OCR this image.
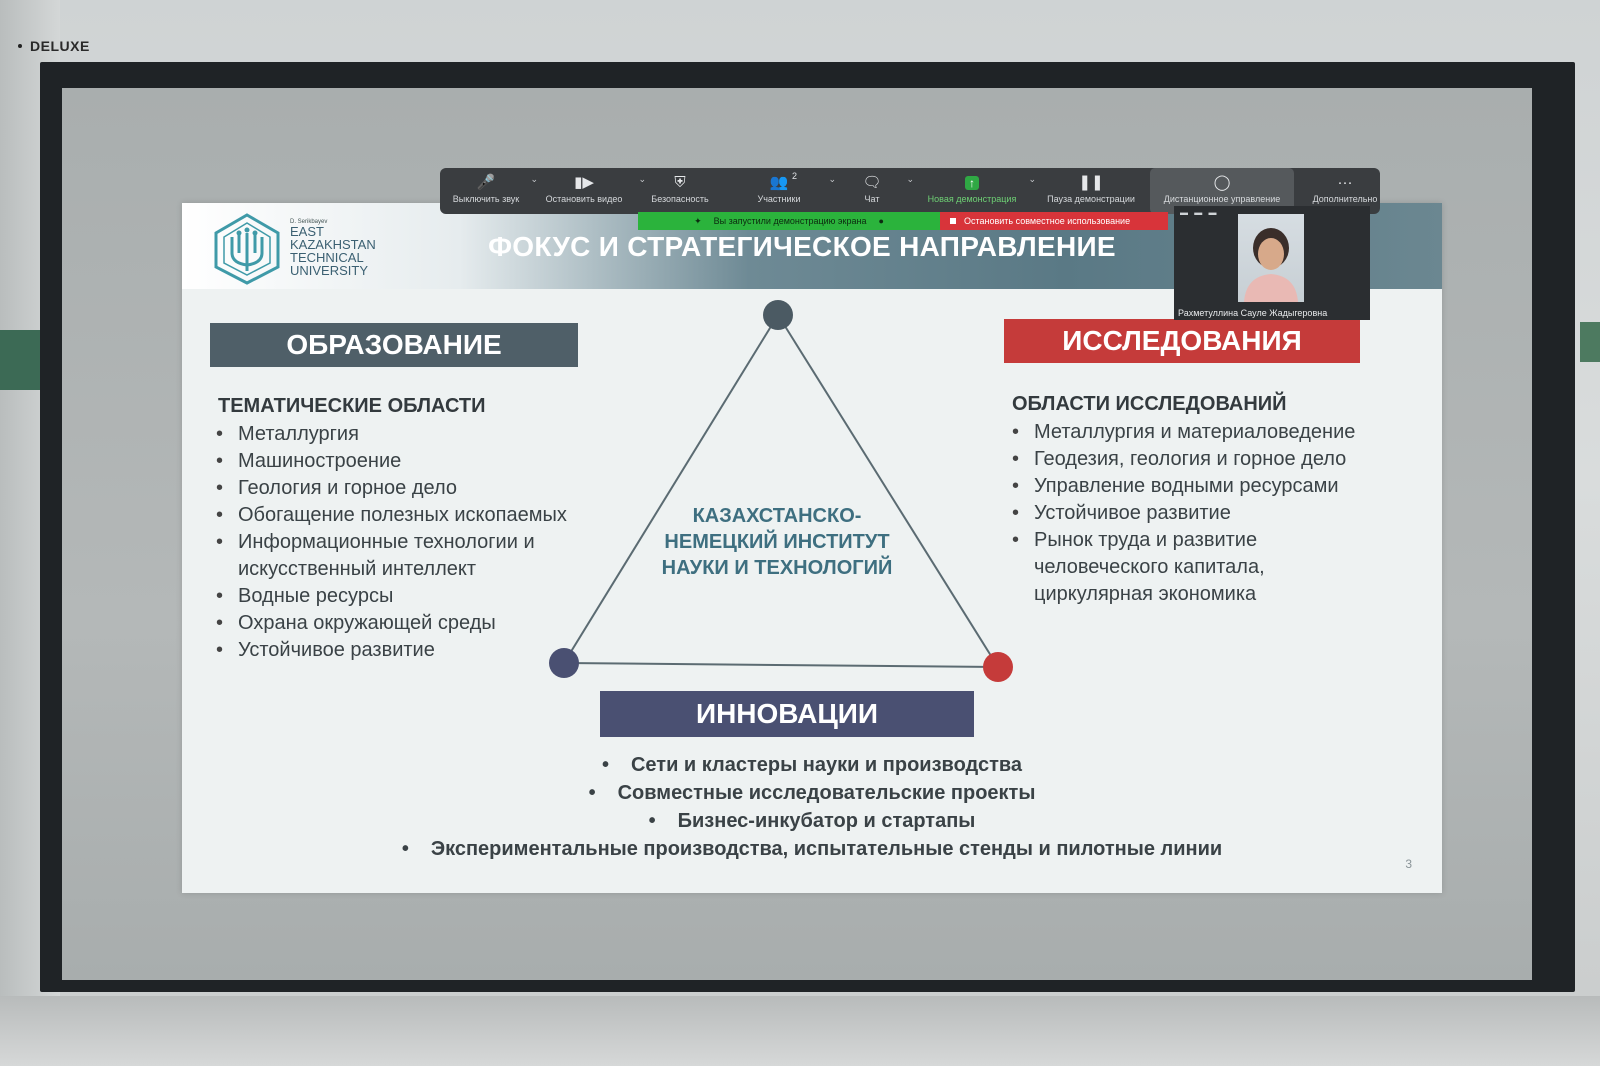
DELUXE
D. Serikbayev
EAST
KAZAKHSTAN
TECHNICAL
UNIVERSITY
ФОКУС И СТРАТЕГИЧЕСКОЕ НАПРАВЛЕНИЕ
ОБРАЗОВАНИЕ
ТЕМАТИЧЕСКИЕ ОБЛАСТИ
• Металлургия
• Машиностроение
• Геология и горное дело
• Обогащение полезных ископаемых
• Информационные технологии и искусственный интеллект
• Водные ресурсы
• Охрана окружающей среды
• Устойчивое развитие
ИССЛЕДОВАНИЯ
ОБЛАСТИ ИССЛЕДОВАНИЙ
• Металлургия и материаловедение
• Геодезия, геология и горное дело
• Управление водными ресурсами
• Устойчивое развитие
• Рынок труда и развитие человеческого капитала, циркулярная экономика
КАЗАХСТАНСКО-НЕМЕЦКИЙ ИНСТИТУТ НАУКИ И ТЕХНОЛОГИЙ
ИННОВАЦИИ
• Сети и кластеры науки и производства
• Совместные исследовательские проекты
• Бизнес-инкубатор и стартапы
• Экспериментальные производства, испытательные стенды и пилотные линии
3
🎤
Выключить звук
⌄	▮▶
Остановить видео
⌄	⛨
Безопасность
👥 2
Участники
⌄	🗨
Чат
⌄	↑
Новая демонстрация
⌄	❚❚
Пауза демонстрации
◯
Дистанционное управление
···
Дополнительно
✦ Вы запустили демонстрацию экрана ●	Остановить совместное использование
▬ ▬ ▬
Рахметуллина Сауле Жадыгеровна
